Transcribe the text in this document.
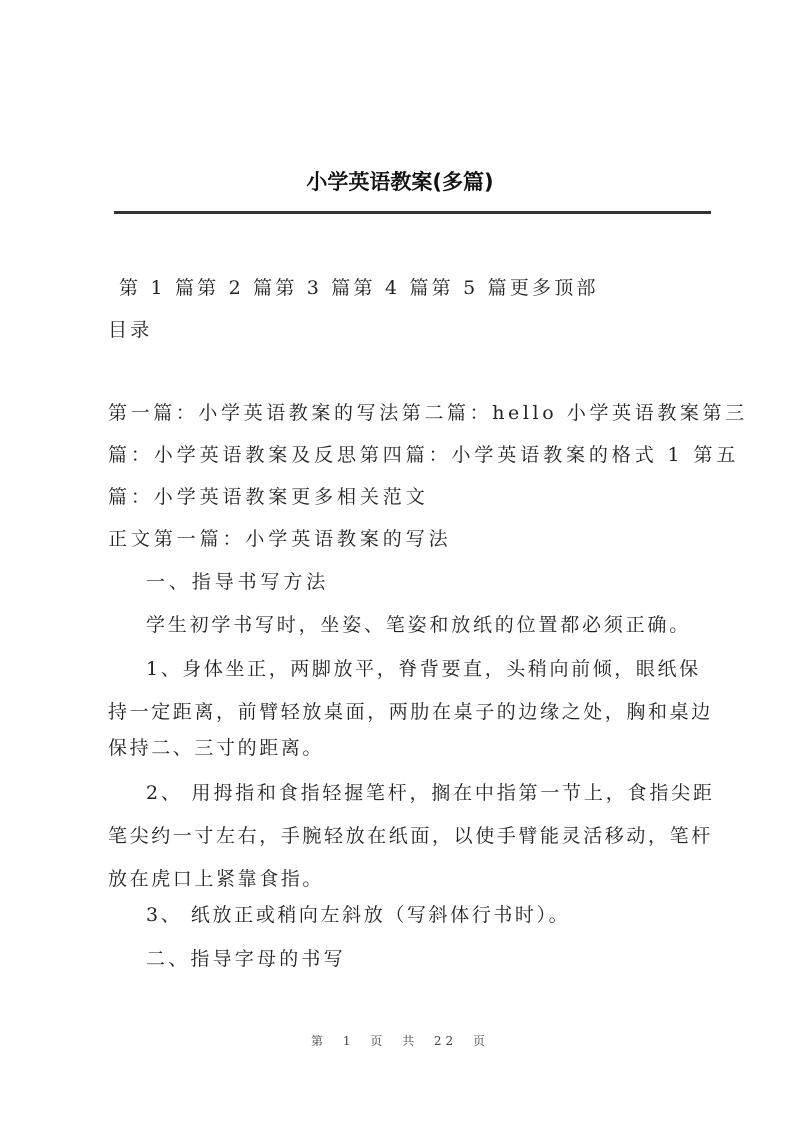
小学英语教案(多篇)
第 1 篇第 2 篇第 3 篇第 4 篇第 5 篇更多顶部
目录
第一篇：小学英语教案的写法第二篇：hello 小学英语教案第三
篇：小学英语教案及反思第四篇：小学英语教案的格式 1 第五
篇：小学英语教案更多相关范文
正文第一篇：小学英语教案的写法
一、指导书写方法
学生初学书写时，坐姿、笔姿和放纸的位置都必须正确。
1、身体坐正，两脚放平，脊背要直，头稍向前倾，眼纸保
持一定距离，前臂轻放桌面，两肋在桌子的边缘之处，胸和桌边
保持二、三寸的距离。
2、 用拇指和食指轻握笔杆，搁在中指第一节上，食指尖距
笔尖约一寸左右，手腕轻放在纸面，以使手臂能灵活移动，笔杆
放在虎口上紧靠食指。
3、 纸放正或稍向左斜放（写斜体行书时）。
二、指导字母的书写
第 1 页 共 22 页
